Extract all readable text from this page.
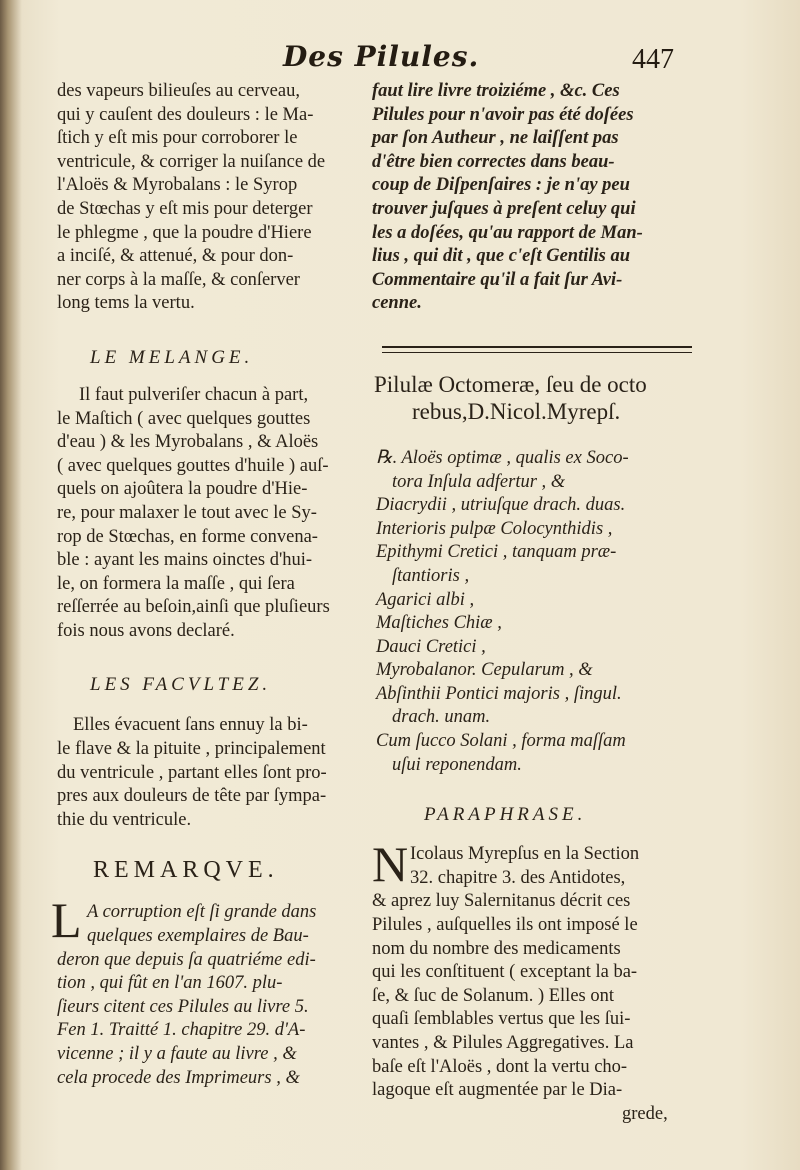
Des Pilules.	447
des vapeurs bilieuſes au cerveau,
qui y cauſent des douleurs : le Ma-
ſtich y eſt mis pour corroborer le
ventricule, & corriger la nuiſance de
l'Aloës & Myrobalans : le Syrop
de Stœchas y eſt mis pour deterger
le phlegme , que la poudre d'Hiere
a inciſé, & attenué, & pour don-
ner corps à la maſſe, & conſerver
long tems la vertu.
LE MELANGE.
Il faut pulveriſer chacun à part,
le Maſtich ( avec quelques gouttes
d'eau ) & les Myrobalans , & Aloës
( avec quelques gouttes d'huile ) auſ-
quels on ajoûtera la poudre d'Hie-
re, pour malaxer le tout avec le Sy-
rop de Stœchas, en forme convena-
ble : ayant les mains oinctes d'hui-
le, on formera la maſſe , qui ſera
reſſerrée au beſoin,ainſi que pluſieurs
fois nous avons declaré.
LES FACVLTEZ.
Elles évacuent ſans ennuy la bi-
le flave & la pituite , principalement
du ventricule , partant elles ſont pro-
pres aux douleurs de tête par ſympa-
thie du ventricule.
REMARQVE.
L A corruption eſt ſi grande dans
quelques exemplaires de Bau-
deron que depuis ſa quatriéme edi-
tion , qui fût en l'an 1607. plu-
ſieurs citent ces Pilules au livre 5.
Fen 1. Traitté 1. chapitre 29. d'A-
vicenne ; il y a faute au livre , &
cela procede des Imprimeurs , &
faut lire livre troiziéme , &c. Ces
Pilules pour n'avoir pas été doſées
par ſon Autheur , ne laiſſent pas
d'être bien correctes dans beau-
coup de Diſpenſaires : je n'ay peu
trouver juſques à preſent celuy qui
les a doſées, qu'au rapport de Man-
lius , qui dit , que c'eſt Gentilis au
Commentaire qu'il a fait ſur Avi-
cenne.
Pilulæ Octomeræ, ſeu de octo
rebus,D.Nicol.Myrepſ.
℞. Aloës optimæ , qualis ex Soco-
tora Inſula adfertur , &
Diacrydii , utriuſque drach. duas.
Interioris pulpæ Colocynthidis ,
Epithymi Cretici , tanquam præ-
ſtantioris ,
Agarici albi ,
Maſtiches Chiæ ,
Dauci Cretici ,
Myrobalanor. Cepularum , &
Abſinthii Pontici majoris , ſingul.
drach. unam.
Cum ſucco Solani , forma maſſam
uſui reponendam.
PARAPHRASE.
N Icolaus Myrepſus en la Section
32. chapitre 3. des Antidotes,
& aprez luy Salernitanus décrit ces
Pilules , auſquelles ils ont imposé le
nom du nombre des medicaments
qui les conſtituent ( exceptant la ba-
ſe, & ſuc de Solanum. ) Elles ont
quaſi ſemblables vertus que les ſui-
vantes , & Pilules Aggregatives. La
baſe eſt l'Aloës , dont la vertu cho-
lagoque eſt augmentée par le Dia-
grede,
